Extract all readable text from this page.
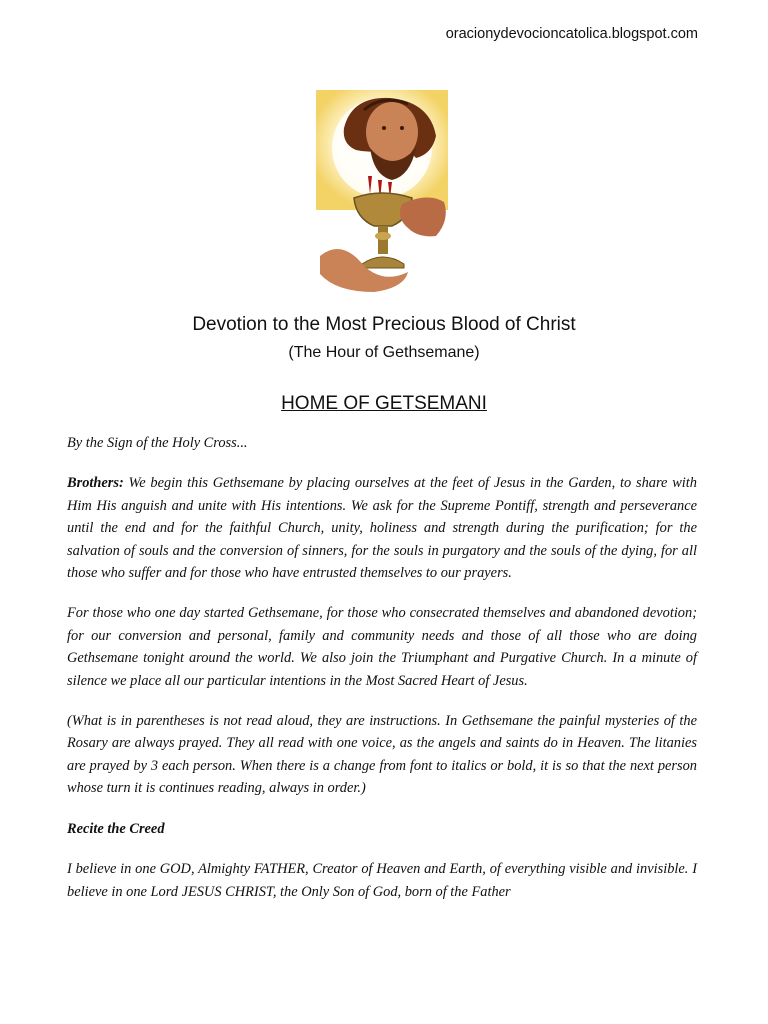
oracionydevocioncatolica.blogspot.com
Devotion to the Most Precious Blood of Christ
(The Hour of Gethsemane)
HOME OF GETSEMANI

By the Sign of the Holy Cross...

Brothers: We begin this Gethsemane by placing ourselves at the feet of Jesus in the Garden, to share with Him His anguish and unite with His intentions. We ask for the Supreme Pontiff, strength and perseverance until the end and for the faithful Church, unity, holiness and strength during the purification; for the salvation of souls and the conversion of sinners, for the souls in purgatory and the souls of the dying, for all those who suffer and for those who have entrusted themselves to our prayers.

For those who one day started Gethsemane, for those who consecrated themselves and abandoned devotion; for our conversion and personal, family and community needs and those of all those who are doing Gethsemane tonight around the world. We also join the Triumphant and Purgative Church. In a minute of silence we place all our particular intentions in the Most Sacred Heart of Jesus.

(What is in parentheses is not read aloud, they are instructions. In Gethsemane the painful mysteries of the Rosary are always prayed. They all read with one voice, as the angels and saints do in Heaven. The litanies are prayed by 3 each person. When there is a change from font to italics or bold, it is so that the next person whose turn it is continues reading, always in order.)

Recite the Creed

I believe in one GOD, Almighty FATHER, Creator of Heaven and Earth, of everything visible and invisible. I believe in one Lord JESUS CHRIST, the Only Son of God, born of the Father
